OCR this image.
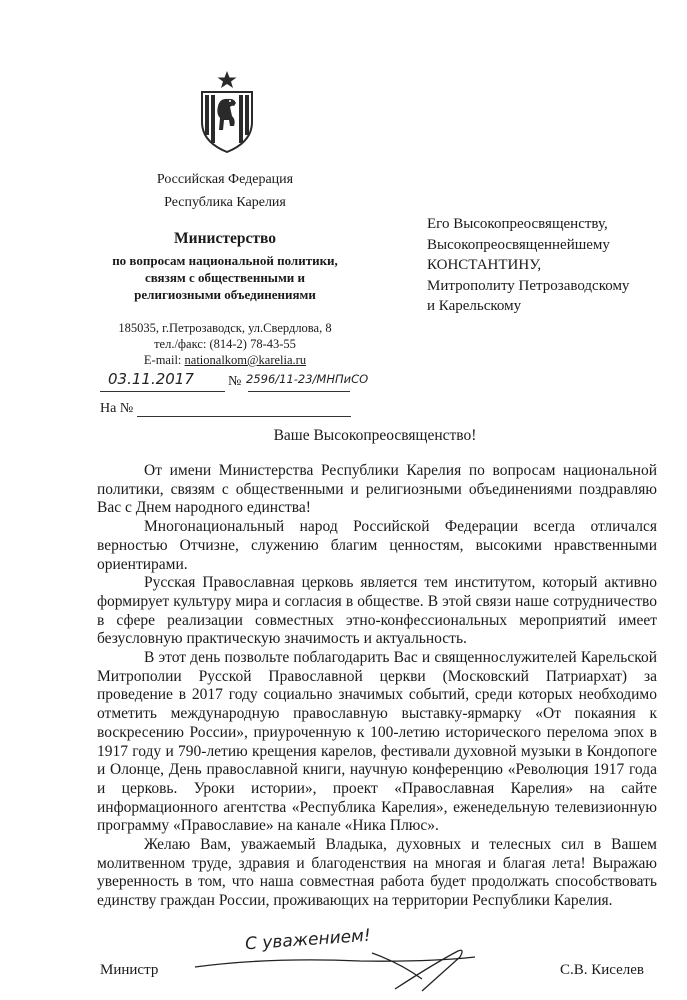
Российская Федерация
Республика Карелия
Министерство
по вопросам национальной политики,
связям с общественными и
религиозными объединениями
185035, г.Петрозаводск, ул.Свердлова, 8
тел./факс: (814-2) 78-43-55
E-mail: nationalkom@karelia.ru
03.11.2017 № 2596/11-23/МНПиСО
На №
Его Высокопреосвященству,
Высокопреосвященнейшему
КОНСТАНТИНУ,
Митрополиту Петрозаводскому
и Карельскому
Ваше Высокопреосвященство!

От имени Министерства Республики Карелия по вопросам национальной политики, связям с общественными и религиозными объединениями поздравляю Вас с Днем народного единства!

Многонациональный народ Российской Федерации всегда отличался верностью Отчизне, служению благим ценностям, высокими нравственными ориентирами.

Русская Православная церковь является тем институтом, который активно формирует культуру мира и согласия в обществе. В этой связи наше сотрудничество в сфере реализации совместных этно-конфессиональных мероприятий имеет безусловную практическую значимость и актуальность.

В этот день позвольте поблагодарить Вас и священнослужителей Карельской Митрополии Русской Православной церкви (Московский Патриархат) за проведение в 2017 году социально значимых событий, среди которых необходимо отметить международную православную выставку-ярмарку «От покаяния к воскресению России», приуроченную к 100-летию исторического перелома эпох в 1917 году и 790-летию крещения карелов, фестивали духовной музыки в Кондопоге и Олонце, День православной книги, научную конференцию «Революция 1917 года и церковь. Уроки истории», проект «Православная Карелия» на сайте информационного агентства «Республика Карелия», еженедельную телевизионную программу «Православие» на канале «Ника Плюс».

Желаю Вам, уважаемый Владыка, духовных и телесных сил в Вашем молитвенном труде, здравия и благоденствия на многая и благая лета! Выражаю уверенность в том, что наша совместная работа будет продолжать способствовать единству граждан России, проживающих на территории Республики Карелия.

С уважением!
Министр	С.В. Киселев
